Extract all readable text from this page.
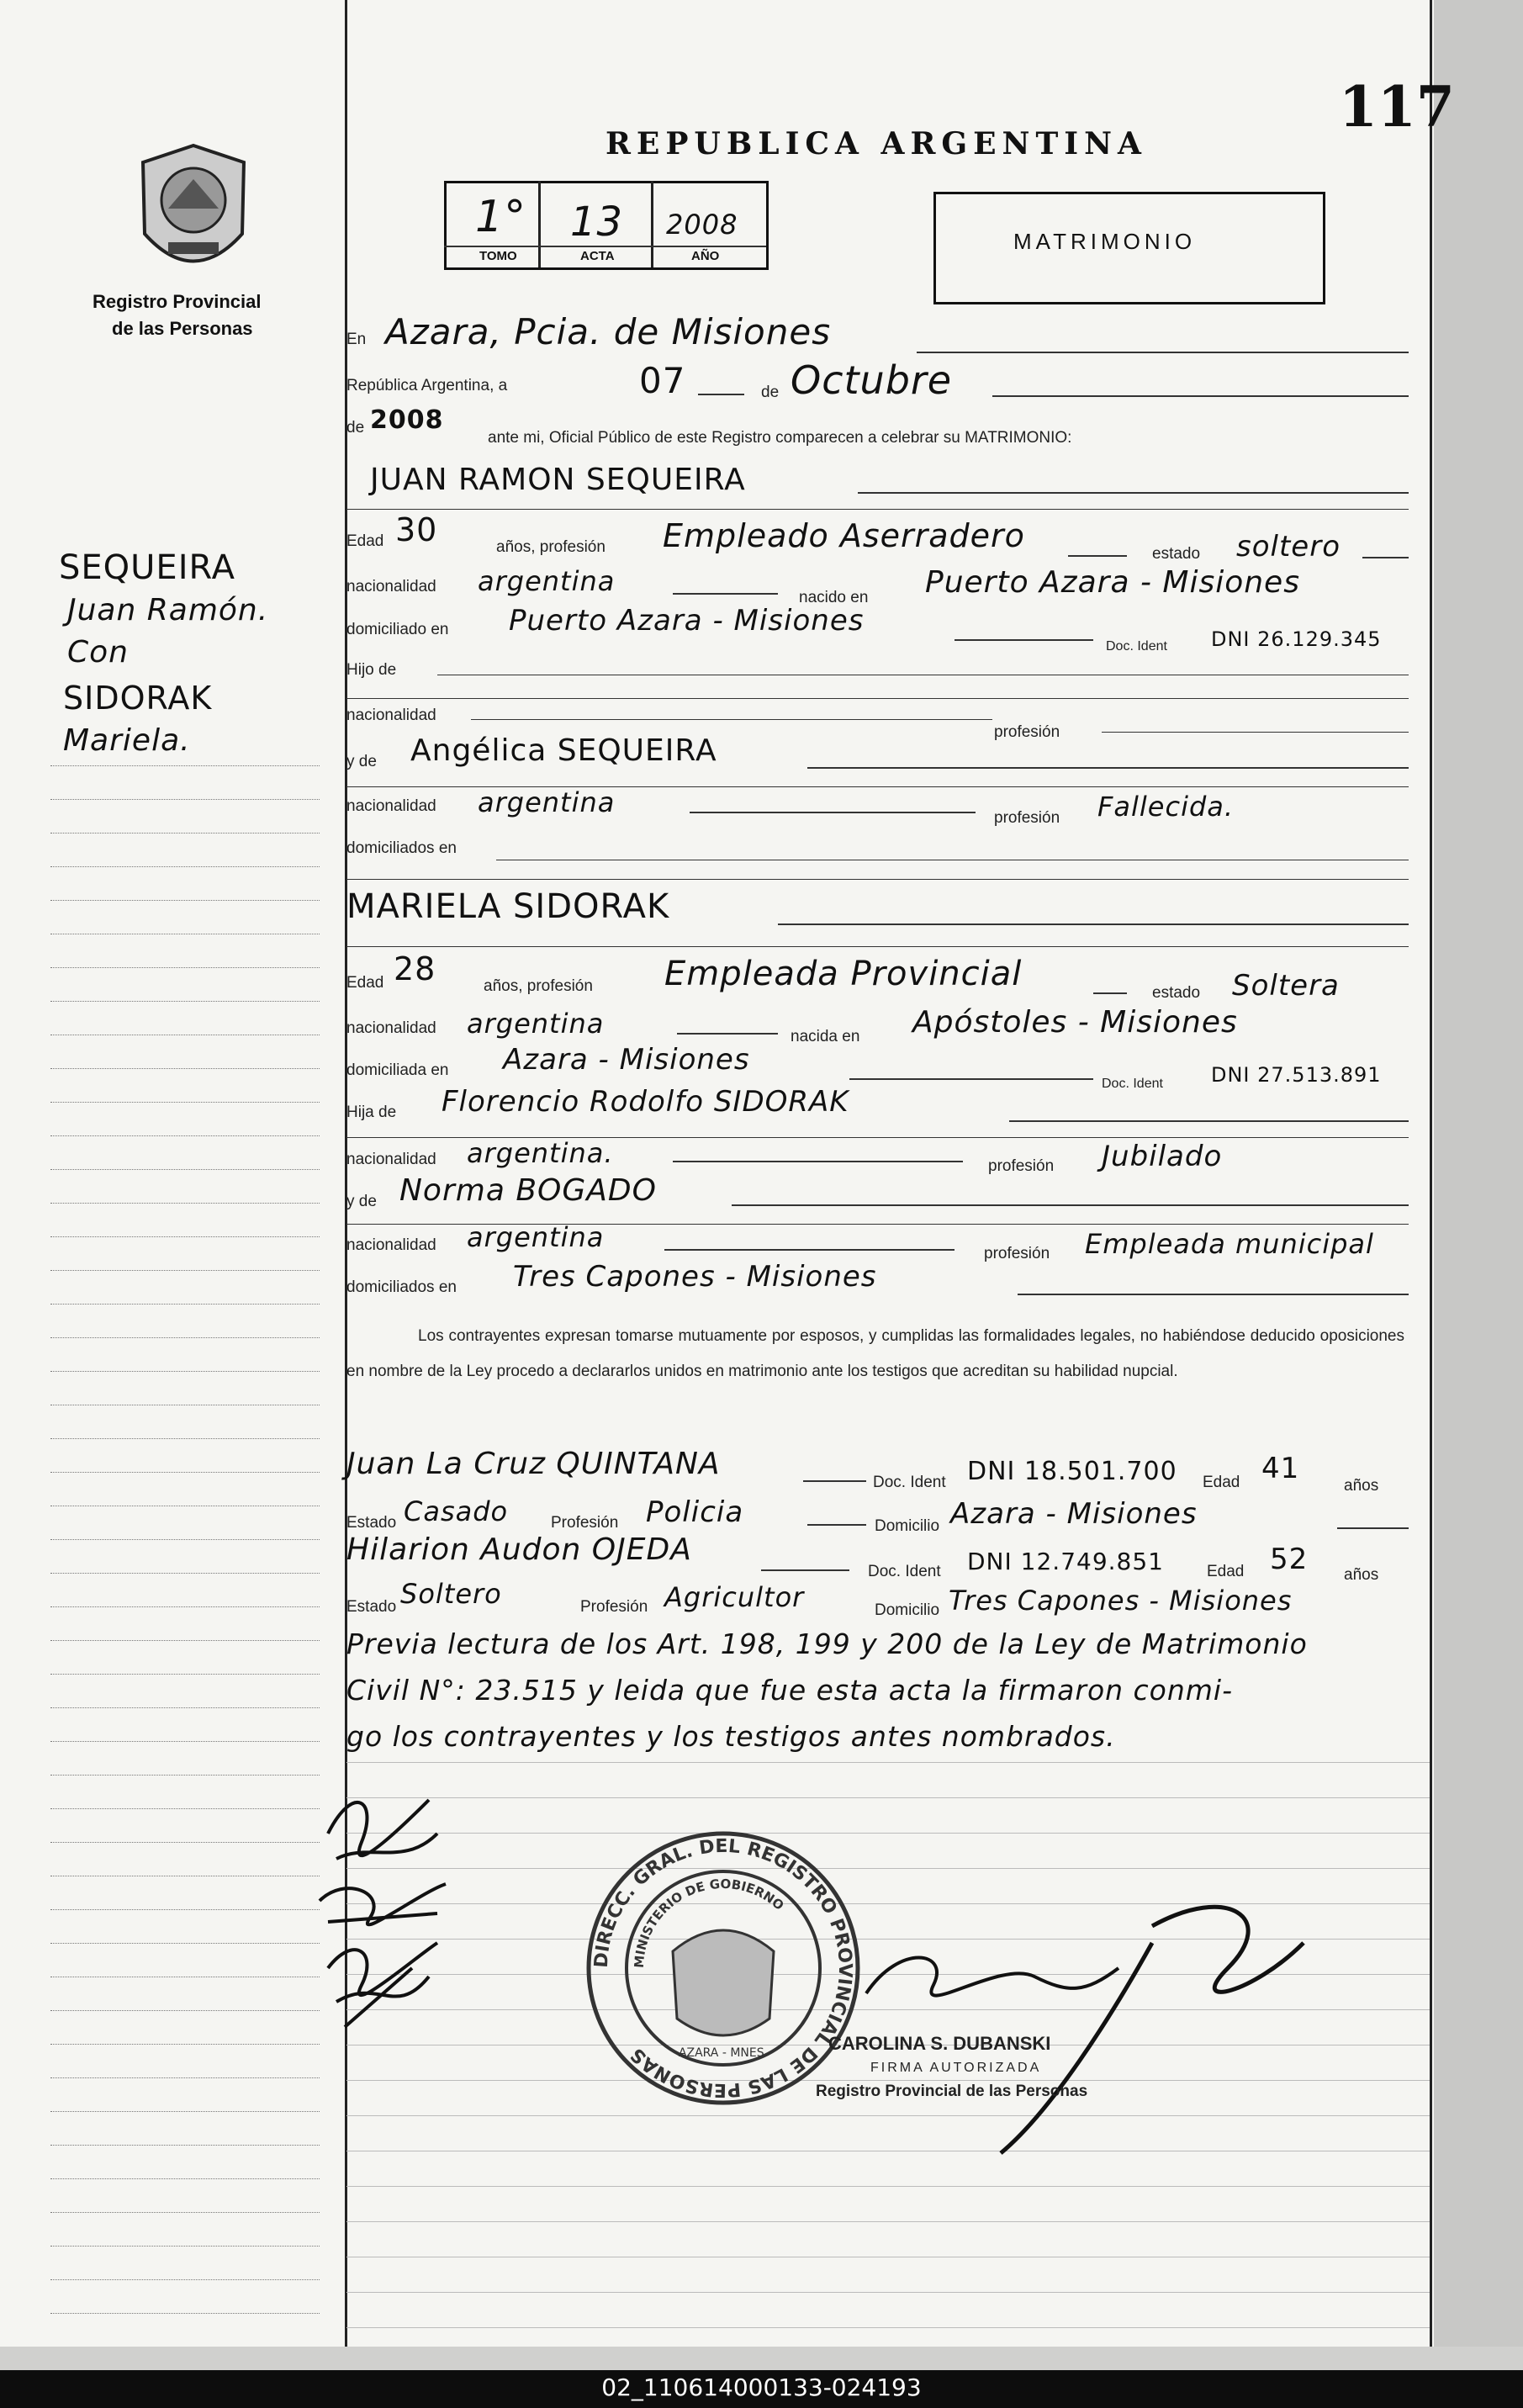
Registro Provincial
de las Personas
REPUBLICA ARGENTINA
117
1° 13 2008
TOMO	ACTA	AÑO
MATRIMONIO
SEQUEIRA
Juan Ramón.
Con
SIDORAK
Mariela.
En Azara, Pcia. de Misiones
República Argentina, a	07	de Octubre
de 2008
ante mi, Oficial Público de este Registro comparecen a celebrar su MATRIMONIO:
JUAN RAMON SEQUEIRA
Edad 30	años, profesión Empleado Aserradero	estado soltero
nacionalidad argentina
nacido en Puerto Azara - Misiones
domiciliado en Puerto Azara - Misiones
Doc. Ident DNI 26.129.345
Hijo de
nacionalidad
profesión
y de Angélica SEQUEIRA
nacionalidad argentina	profesión Fallecida.
domiciliados en
MARIELA SIDORAK
Edad 28	años, profesión Empleada Provincial	estado Soltera
nacionalidad argentina	nacida en Apóstoles - Misiones
domiciliada en Azara - Misiones
Doc. Ident DNI 27.513.891
Hija de Florencio Rodolfo SIDORAK
nacionalidad argentina.	profesión Jubilado
y de Norma BOGADO
nacionalidad argentina
profesión Empleada municipal
domiciliados en Tres Capones - Misiones
Los contrayentes expresan tomarse mutuamente por esposos, y cumplidas las formalidades legales, no habiéndose deducido oposiciones en nombre de la Ley procedo a declararlos unidos en matrimonio ante los testigos que acreditan su habilidad nupcial.
Juan La Cruz QUINTANA
Doc. Ident DNI 18.501.700 Edad 41
años
Estado Casado	Profesión Policia	Domicilio Azara - Misiones
Hilarion Audon OJEDA
Doc. Ident DNI 12.749.851	Edad 52 años
Estado Soltero	Profesión Agricultor	Domicilio Tres Capones - Misiones
Previa lectura de los Art. 198, 199 y 200 de la Ley de Matrimonio
Civil N°: 23.515 y leida que fue esta acta la firmaron conmi-
go los contrayentes y los testigos antes nombrados.
DIRECC. GRAL. DEL REGISTRO PROVINCIAL DE LAS PERSONAS
MINISTERIO DE GOBIERNO
AZARA - MNES.	CAROLINA S. DUBANSKI
FIRMA AUTORIZADA
Registro Provincial de las Personas
02_110614000133-024193
